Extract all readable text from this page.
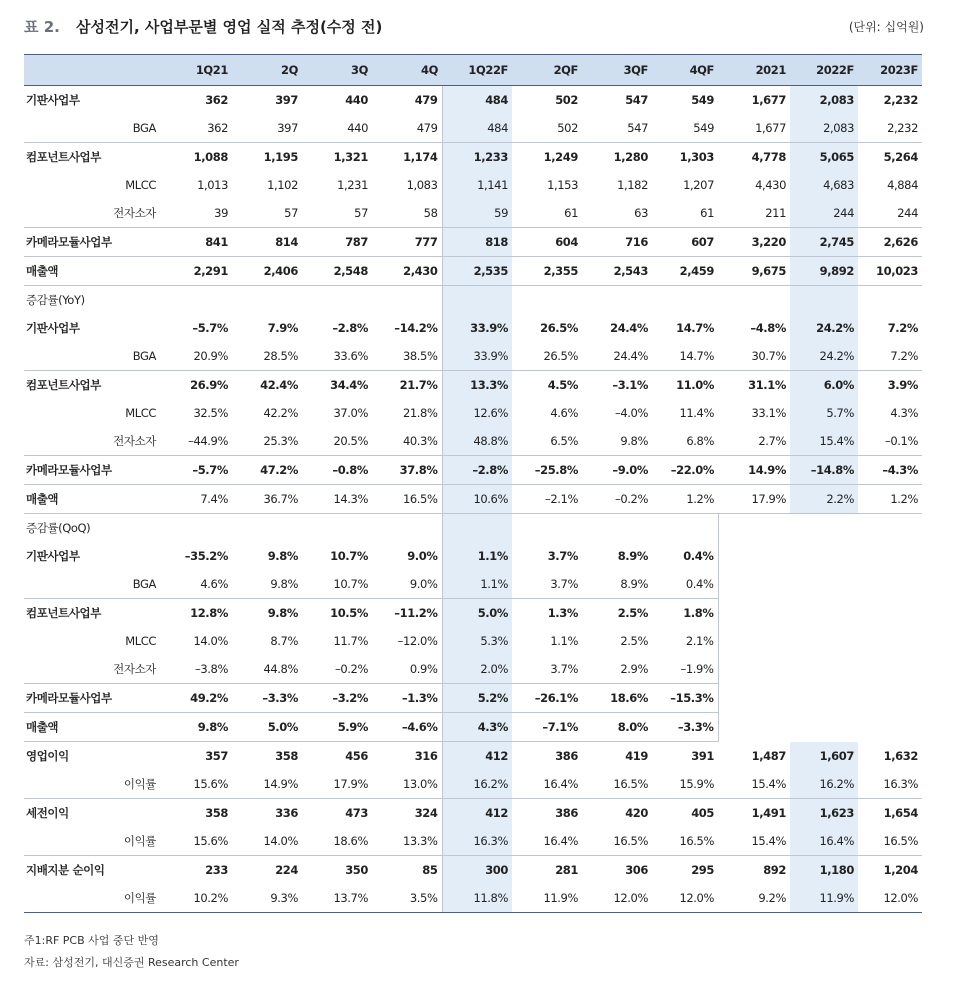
표 2. 삼성전기, 사업부문별 영업 실적 추정(수정 전)	(단위: 십억원)
	1Q21	2Q	3Q	4Q	1Q22F	2QF	3QF	4QF	2021	2022F	2023F
기판사업부	362	397	440	479	484	502	547	549	1,677	2,083	2,232
BGA	362	397	440	479	484	502	547	549	1,677	2,083	2,232
컴포넌트사업부	1,088	1,195	1,321	1,174	1,233	1,249	1,280	1,303	4,778	5,065	5,264
MLCC	1,013	1,102	1,231	1,083	1,141	1,153	1,182	1,207	4,430	4,683	4,884
전자소자	39	57	57	58	59	61	63	61	211	244	244
카메라모듈사업부	841	814	787	777	818	604	716	607	3,220	2,745	2,626
매출액	2,291	2,406	2,548	2,430	2,535	2,355	2,543	2,459	9,675	9,892	10,023
증감률(YoY)											
기판사업부	–5.7%	7.9%	–2.8%	–14.2%	33.9%	26.5%	24.4%	14.7%	–4.8%	24.2%	7.2%
BGA	20.9%	28.5%	33.6%	38.5%	33.9%	26.5%	24.4%	14.7%	30.7%	24.2%	7.2%
컴포넌트사업부	26.9%	42.4%	34.4%	21.7%	13.3%	4.5%	–3.1%	11.0%	31.1%	6.0%	3.9%
MLCC	32.5%	42.2%	37.0%	21.8%	12.6%	4.6%	–4.0%	11.4%	33.1%	5.7%	4.3%
전자소자	–44.9%	25.3%	20.5%	40.3%	48.8%	6.5%	9.8%	6.8%	2.7%	15.4%	–0.1%
카메라모듈사업부	–5.7%	47.2%	–0.8%	37.8%	–2.8%	–25.8%	–9.0%	–22.0%	14.9%	–14.8%	–4.3%
매출액	7.4%	36.7%	14.3%	16.5%	10.6%	–2.1%	–0.2%	1.2%	17.9%	2.2%	1.2%
증감률(QoQ)											
기판사업부	–35.2%	9.8%	10.7%	9.0%	1.1%	3.7%	8.9%	0.4%			
BGA	4.6%	9.8%	10.7%	9.0%	1.1%	3.7%	8.9%	0.4%			
컴포넌트사업부	12.8%	9.8%	10.5%	–11.2%	5.0%	1.3%	2.5%	1.8%			
MLCC	14.0%	8.7%	11.7%	–12.0%	5.3%	1.1%	2.5%	2.1%			
전자소자	–3.8%	44.8%	–0.2%	0.9%	2.0%	3.7%	2.9%	–1.9%			
카메라모듈사업부	49.2%	–3.3%	–3.2%	–1.3%	5.2%	–26.1%	18.6%	–15.3%			
매출액	9.8%	5.0%	5.9%	–4.6%	4.3%	–7.1%	8.0%	–3.3%			
영업이익	357	358	456	316	412	386	419	391	1,487	1,607	1,632
이익률	15.6%	14.9%	17.9%	13.0%	16.2%	16.4%	16.5%	15.9%	15.4%	16.2%	16.3%
세전이익	358	336	473	324	412	386	420	405	1,491	1,623	1,654
이익률	15.6%	14.0%	18.6%	13.3%	16.3%	16.4%	16.5%	16.5%	15.4%	16.4%	16.5%
지배지분 순이익	233	224	350	85	300	281	306	295	892	1,180	1,204
이익률	10.2%	9.3%	13.7%	3.5%	11.8%	11.9%	12.0%	12.0%	9.2%	11.9%	12.0%
주1:RF PCB 사업 중단 반영
자료: 삼성전기, 대신증권 Research Center
